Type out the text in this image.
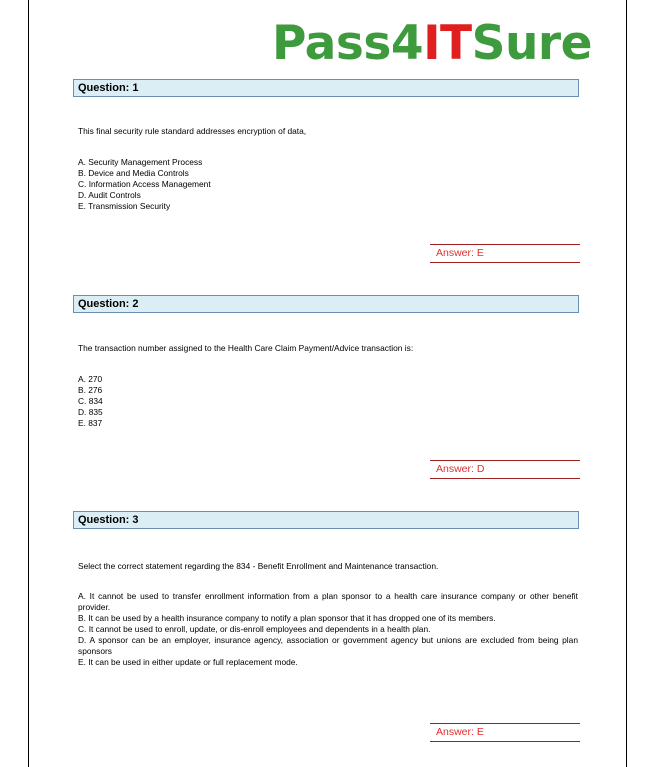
Pass4ITSure
Question: 1
This final security rule standard addresses encryption of data,
A. Security Management Process
B. Device and Media Controls
C. Information Access Management
D. Audit Controls
E. Transmission Security
Answer: E
Question: 2
The transaction number assigned to the Health Care Claim Payment/Advice transaction is:
A. 270
B. 276
C. 834
D. 835
E. 837
Answer: D
Question: 3
Select the correct statement regarding the 834 - Benefit Enrollment and Maintenance transaction.
A. It cannot be used to transfer enrollment information from a plan sponsor to a health care insurance company or other benefit provider.
B. It can be used by a health insurance company to notify a plan sponsor that it has dropped one of its members.
C. It cannot be used to enroll, update, or dis-enroll employees and dependents in a health plan.
D. A sponsor can be an employer, insurance agency, association or government agency but unions are excluded from being plan sponsors
E. It can be used in either update or full replacement mode.
Answer: E
